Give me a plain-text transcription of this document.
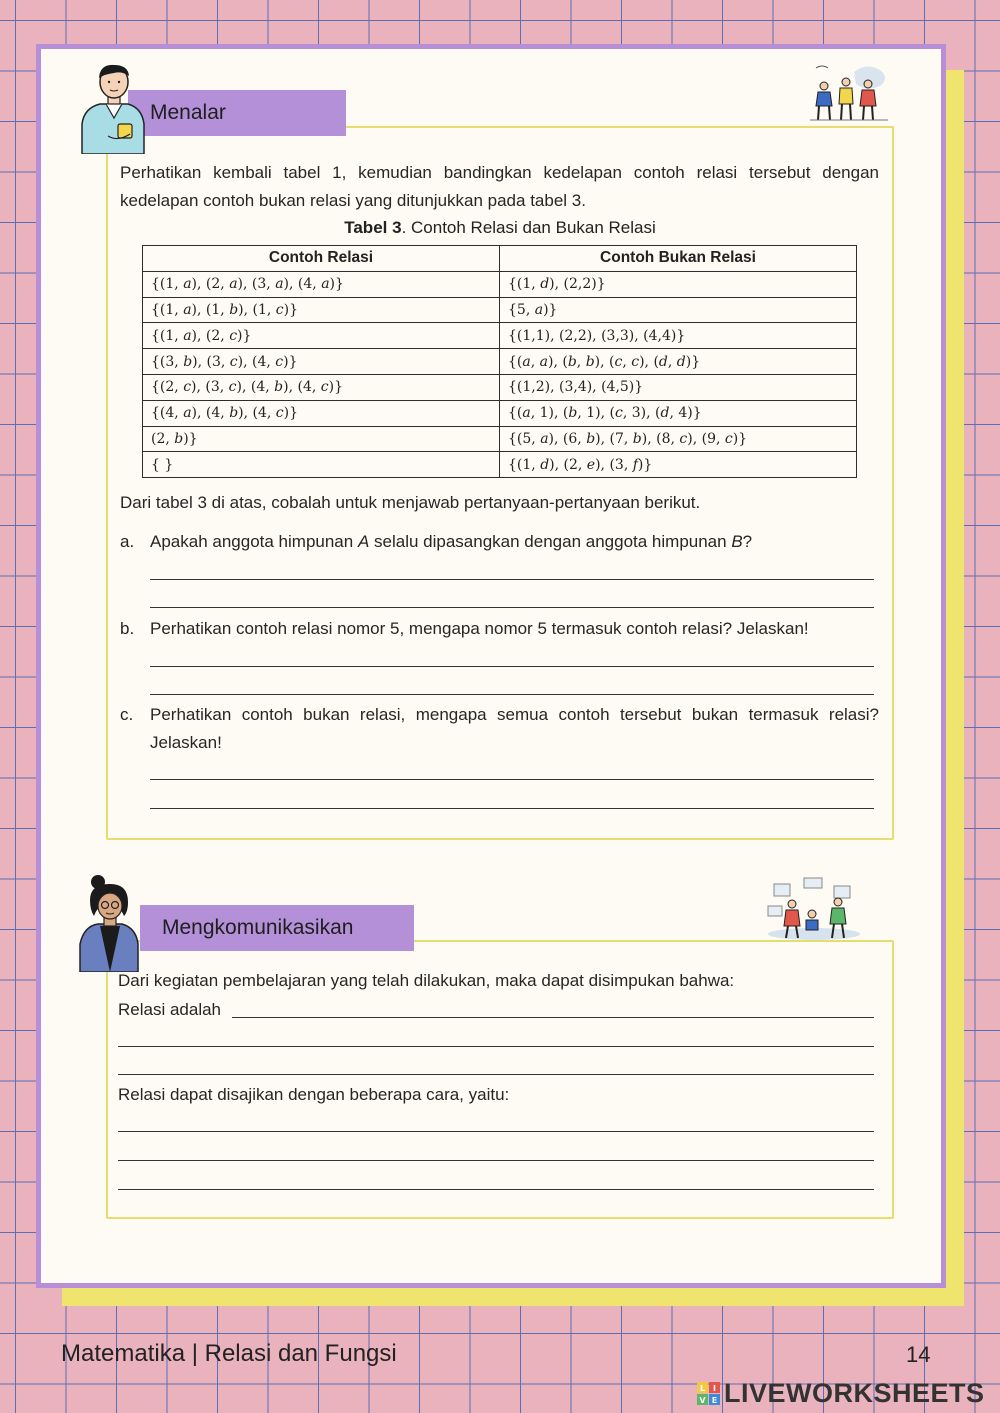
Menalar
Perhatikan kembali tabel 1, kemudian bandingkan kedelapan contoh relasi tersebut dengan kedelapan contoh bukan relasi yang ditunjukkan pada tabel 3.
Tabel 3. Contoh Relasi dan Bukan Relasi
Contoh Relasi	Contoh Bukan Relasi
{(1, a), (2, a), (3, a), (4, a)}	{(1, d), (2,2)}
{(1, a), (1, b), (1, c)}	{5, a)}
{(1, a), (2, c)}	{(1,1), (2,2), (3,3), (4,4)}
{(3, b), (3, c), (4, c)}	{(a, a), (b, b), (c, c), (d, d)}
{(2, c), (3, c), (4, b), (4, c)}	{(1,2), (3,4), (4,5)}
{(4, a), (4, b), (4, c)}	{(a, 1), (b, 1), (c, 3), (d, 4)}
(2, b)}	{(5, a), (6, b), (7, b), (8, c), (9, c)}
{ }	{(1, d), (2, e), (3, f)}
Dari tabel 3 di atas, cobalah untuk menjawab pertanyaan-pertanyaan berikut.
a. Apakah anggota himpunan A selalu dipasangkan dengan anggota himpunan B?
b. Perhatikan contoh relasi nomor 5, mengapa nomor 5 termasuk contoh relasi? Jelaskan!
c. Perhatikan contoh bukan relasi, mengapa semua contoh tersebut bukan termasuk relasi? Jelaskan!
Mengkomunikasikan
Dari kegiatan pembelajaran yang telah dilakukan, maka dapat disimpukan bahwa:
Relasi adalah
Relasi dapat disajikan dengan beberapa cara, yaitu:
Matematika | Relasi dan Fungsi	14
L I
V E LIVEWORKSHEETS
